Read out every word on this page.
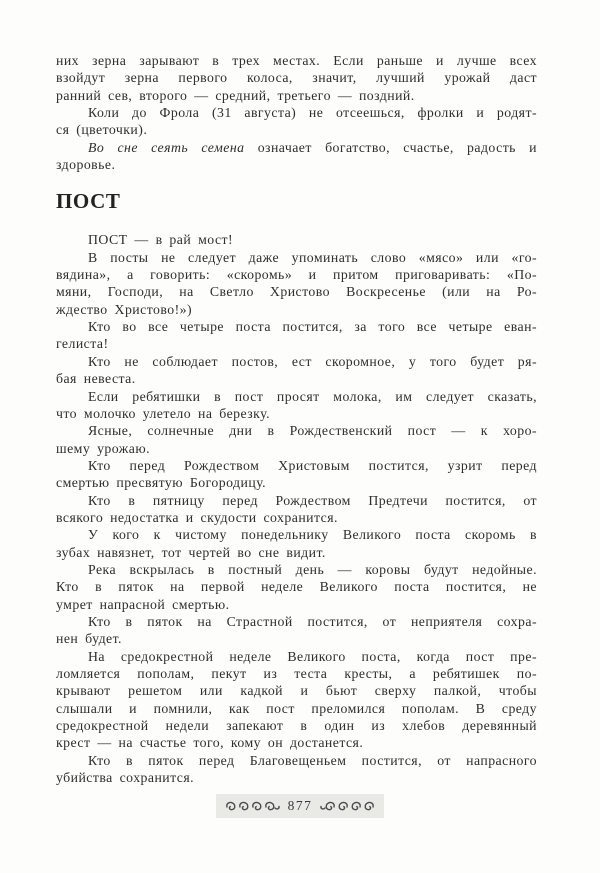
них зерна зарывают в трех местах. Если раньше и лучше всех
взойдут зерна первого колоса, значит, лучший урожай даст
ранний сев, второго — средний, третьего — поздний.
Коли до Фрола (31 августа) не отсеешься, фролки и родят-
ся (цветочки).
Во сне сеять семена означает богатство, счастье, радость и
здоровье.
ПОСТ
ПОСТ — в рай мост!
В посты не следует даже упоминать слово «мясо» или «го-
вядина», а говорить: «скоромь» и притом приговаривать: «По-
мяни, Господи, на Светло Христово Воскресенье (или на Ро-
ждество Христово!»)
Кто во все четыре поста постится, за того все четыре еван-
гелиста!
Кто не соблюдает постов, ест скоромное, у того будет ря-
бая невеста.
Если ребятишки в пост просят молока, им следует сказать,
что молочко улетело на березку.
Ясные, солнечные дни в Рождественский пост — к хоро-
шему урожаю.
Кто перед Рождеством Христовым постится, узрит перед
смертью пресвятую Богородицу.
Кто в пятницу перед Рождеством Предтечи постится, от
всякого недостатка и скудости сохранится.
У кого к чистому понедельнику Великого поста скоромь в
зубах навязнет, тот чертей во сне видит.
Река вскрылась в постный день — коровы будут недойные.
Кто в пяток на первой неделе Великого поста постится, не
умрет напрасной смертью.
Кто в пяток на Страстной постится, от неприятеля сохра-
нен будет.
На средокрестной неделе Великого поста, когда пост пре-
ломляется пополам, пекут из теста кресты, а ребятишек по-
крывают решетом или кадкой и бьют сверху палкой, чтобы
слышали и помнили, как пост преломился пополам. В среду
средокрестной недели запекают в один из хлебов деревянный
крест — на счастье того, кому он достанется.
Кто в пяток перед Благовещеньем постится, от напрасного
убийства сохранится.
877
